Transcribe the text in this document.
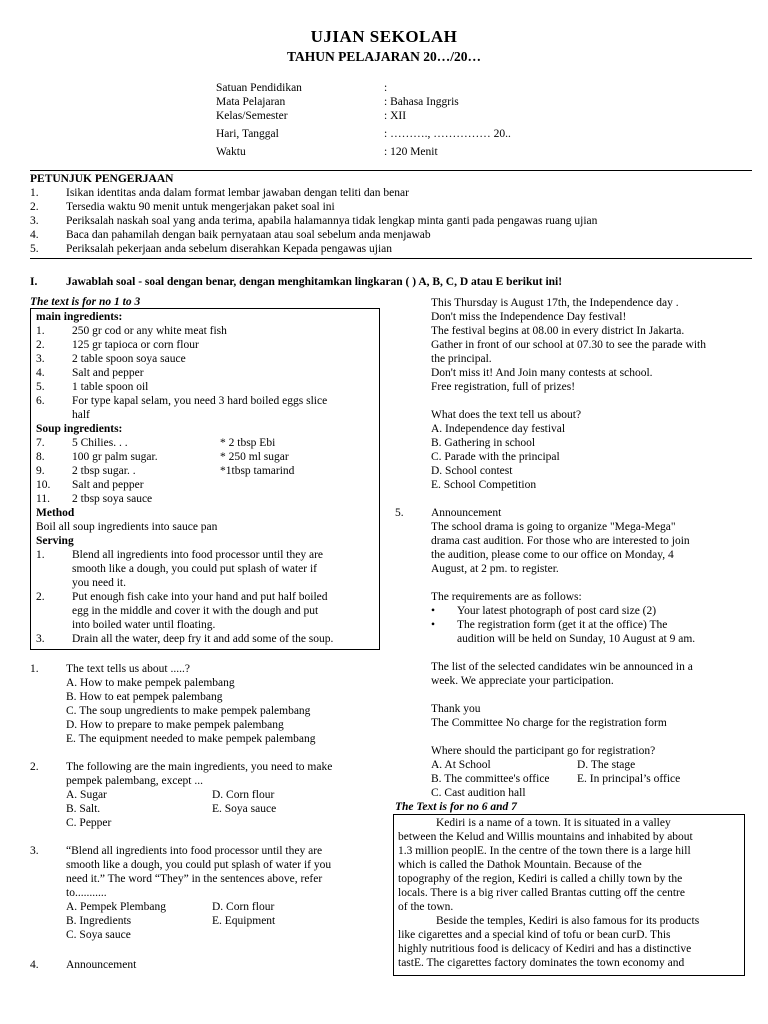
UJIAN SEKOLAH
TAHUN PELAJARAN 20…/20…
Satuan Pendidikan	:
Mata Pelajaran	: Bahasa Inggris
Kelas/Semester	: XII
Hari, Tanggal	: ………., …………… 20..
Waktu	: 120 Menit
PETUNJUK PENGERJAAN
1. Isikan identitas anda dalam format lembar jawaban dengan teliti dan benar
2. Tersedia waktu 90 menit untuk mengerjakan paket soal ini
3. Periksalah naskah soal yang anda terima, apabila halamannya tidak lengkap minta ganti pada pengawas ruang ujian
4. Baca dan pahamilah dengan baik pernyataan atau soal sebelum anda menjawab
5. Periksalah pekerjaan anda sebelum diserahkan Kepada pengawas ujian
I. Jawablah soal - soal dengan benar, dengan menghitamkan lingkaran ( ) A, B, C, D atau E berikut ini!
The text is for no 1 to 3
main ingredients:
1. 250 gr cod or any white meat fish
2. 125 gr tapioca or corn flour
3. 2 table spoon soya sauce
4. Salt and pepper
5. 1 table spoon oil
6. For type kapal selam, you need 3 hard boiled eggs slice
half
Soup ingredients:
7. 5 Chilies. . .	* 2 tbsp Ebi
8. 100 gr palm sugar.	* 250 ml sugar
9. 2 tbsp sugar. .	*1tbsp tamarind
10. Salt and pepper
11. 2 tbsp soya sauce
Method
Boil all soup ingredients into sauce pan
Serving
1. Blend all ingredients into food processor until they are
smooth like a dough, you could put splash of water if
you need it.
2. Put enough fish cake into your hand and put half boiled
egg in the middle and cover it with the dough and put
into boiled water until floating.
3. Drain all the water, deep fry it and add some of the soup.
1. The text tells us about .....?
A. How to make pempek palembang
B. How to eat pempek palembang
C. The soup ungredients to make pempek palembang
D. How to prepare to make pempek palembang
E. The equipment needed to make pempek palembang
2. The following are the main ingredients, you need to make
pempek palembang, except ...
A. Sugar	D. Corn flour
B. Salt.	E. Soya sauce
C. Pepper
3. “Blend all ingredients into food processor until they are
smooth like a dough, you could put splash of water if you
need it.” The word “They” in the sentences above, refer
to...........
A. Pempek Plembang	D. Corn flour
B. Ingredients	E. Equipment
C. Soya sauce
4. Announcement
This Thursday is August 17th, the Independence day .
Don't miss the Independence Day festival!
The festival begins at 08.00 in every district In Jakarta.
Gather in front of our school at 07.30 to see the parade with
the principal.
Don't miss it! And Join many contests at school.
Free registration, full of prizes!
What does the text tell us about?
A. Independence day festival
B. Gathering in school
C. Parade with the principal
D. School contest
E. School Competition
5. Announcement
The school drama is going to organize "Mega-Mega"
drama cast audition. For those who are interested to join
the audition, please come to our office on Monday, 4
August, at 2 pm. to register.
The requirements are as follows:
• Your latest photograph of post card size (2)
• The registration form (get it at the office) The
audition will be held on Sunday, 10 August at 9 am.
The list of the selected candidates win be announced in a
week. We appreciate your participation.
Thank you
The Committee No charge for the registration form
Where should the participant go for registration?
A. At School	D. The stage
B. The committee's office E. In principal’s office
C. Cast audition hall
The Text is for no 6 and 7
Kediri is a name of a town. It is situated in a valley
between the Kelud and Willis mountains and inhabited by about
1.3 million peoplE. In the centre of the town there is a large hill
which is called the Dathok Mountain. Because of the
topography of the region, Kediri is called a chilly town by the
locals. There is a big river called Brantas cutting off the centre
of the town.
Beside the temples, Kediri is also famous for its products
like cigarettes and a special kind of tofu or bean curD. This
highly nutritious food is delicacy of Kediri and has a distinctive
tastE. The cigarettes factory dominates the town economy and
